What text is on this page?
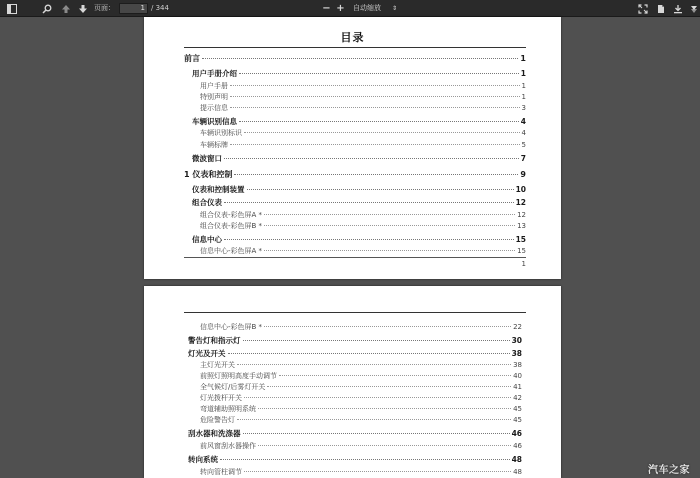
页面：	1 / 344	− +	自动缩放 ⇕
目录
前言	1
用户手册介绍	1
用户手册	1
特别声明	1
提示信息	3
车辆识别信息	4
车辆识别标识	4
车辆标牌	5
微波窗口	7
1 仪表和控制	9
仪表和控制装置	10
组合仪表	12
组合仪表-彩色屏A *	12
组合仪表-彩色屏B *	13
信息中心	15
信息中心-彩色屏A *	15
1
信息中心-彩色屏B *	22
警告灯和指示灯	30
灯光及开关	38
主灯光开关	38
前照灯照明高度手动调节	40
全气候灯/后雾灯开关	41
灯光拨杆开关	42
弯道辅助照明系统	45
危险警告灯	45
刮水器和洗涤器	46
前风窗刮水器操作	46
转向系统	48
转向管柱调节	48	汽车之家
